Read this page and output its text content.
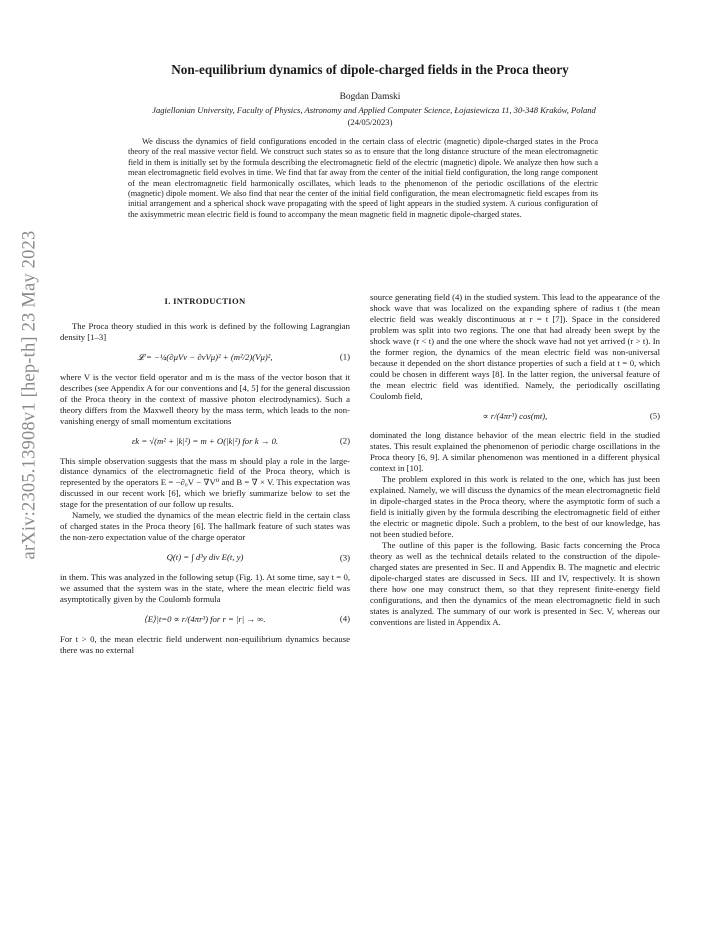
arXiv:2305.13908v1 [hep-th] 23 May 2023
Non-equilibrium dynamics of dipole-charged fields in the Proca theory
Bogdan Damski
Jagiellonian University, Faculty of Physics, Astronomy and Applied Computer Science, Łojasiewicza 11, 30-348 Kraków, Poland
(24/05/2023)

We discuss the dynamics of field configurations encoded in the certain class of electric (magnetic) dipole-charged states in the Proca theory of the real massive vector field. We construct such states so as to ensure that the long distance structure of the mean electromagnetic field in them is initially set by the formula describing the electromagnetic field of the electric (magnetic) dipole. We analyze then how such a mean electromagnetic field evolves in time. We find that far away from the center of the initial field configuration, the long range component of the mean electromagnetic field harmonically oscillates, which leads to the phenomenon of the periodic oscillations of the electric (magnetic) dipole moment. We also find that near the center of the initial field configuration, the mean electromagnetic field escapes from its initial arrangement and a spherical shock wave propagating with the speed of light appears in the studied system. A curious configuration of the axisymmetric mean electric field is found to accompany the mean magnetic field in magnetic dipole-charged states.

I. INTRODUCTION

The Proca theory studied in this work is defined by the following Lagrangian density [1–3]

𝓛 = −¼(∂μVν − ∂νVμ)² + (m²/2)(Vμ)²,	(1)

where V is the vector field operator and m is the mass of the vector boson that it describes (see Appendix A for our conventions and [4, 5] for the general discussion of the Proca theory in the context of massive photon electrodynamics). Such a theory differs from the Maxwell theory by the mass term, which leads to the non-vanishing energy of small momentum excitations

εk = √(m² + |k|²) = m + O(|k|²) for k → 0.	(2)

This simple observation suggests that the mass m should play a role in the large-distance dynamics of the electromagnetic field of the Proca theory, which is represented by the operators E = −∂₀V − ∇V⁰ and B = ∇ × V. This expectation was discussed in our recent work [6], which we briefly summarize below to set the stage for the presentation of our follow up results.

Namely, we studied the dynamics of the mean electric field in the certain class of charged states in the Proca theory [6]. The hallmark feature of such states was the non-zero expectation value of the charge operator

Q(t) = ∫ d³y div E(t, y)	(3)

in them. This was analyzed in the following setup (Fig. 1). At some time, say t = 0, we assumed that the system was in the state, where the mean electric field was asymptotically given by the Coulomb formula

⟨E⟩|t=0 ∝ r/(4πr³) for r = |r| → ∞.	(4)

For t > 0, the mean electric field underwent non-equilibrium dynamics because there was no external

source generating field (4) in the studied system. This lead to the appearance of the shock wave that was localized on the expanding sphere of radius t (the mean electric field was weakly discontinuous at r = t [7]). Space in the considered problem was split into two regions. The one that had already been swept by the shock wave (r < t) and the one where the shock wave had not yet arrived (r > t). In the former region, the dynamics of the mean electric field was non-universal because it depended on the short distance properties of such a field at t = 0, which could be chosen in different ways [8]. In the latter region, the universal feature of the mean electric field was identified. Namely, the periodically oscillating Coulomb field,

∝ r/(4πr³) cos(mt),	(5)

dominated the long distance behavior of the mean electric field in the studied states. This result explained the phenomenon of periodic charge oscillations in the Proca theory [6, 9]. A similar phenomenon was mentioned in a different physical context in [10].

The problem explored in this work is related to the one, which has just been explained. Namely, we will discuss the dynamics of the mean electromagnetic field in dipole-charged states in the Proca theory, where the asymptotic form of such a field is initially given by the formula describing the electromagnetic field of either the electric or magnetic dipole. Such a problem, to the best of our knowledge, has not been studied before.

The outline of this paper is the following. Basic facts concerning the Proca theory as well as the technical details related to the construction of the dipole-charged states are presented in Sec. II and Appendix B. The magnetic and electric dipole-charged states are discussed in Secs. III and IV, respectively. It is shown there how one may construct them, so that they represent finite-energy field configurations, and then the dynamics of the mean electromagnetic field in such states is analyzed. The summary of our work is presented in Sec. V, whereas our conventions are listed in Appendix A.
